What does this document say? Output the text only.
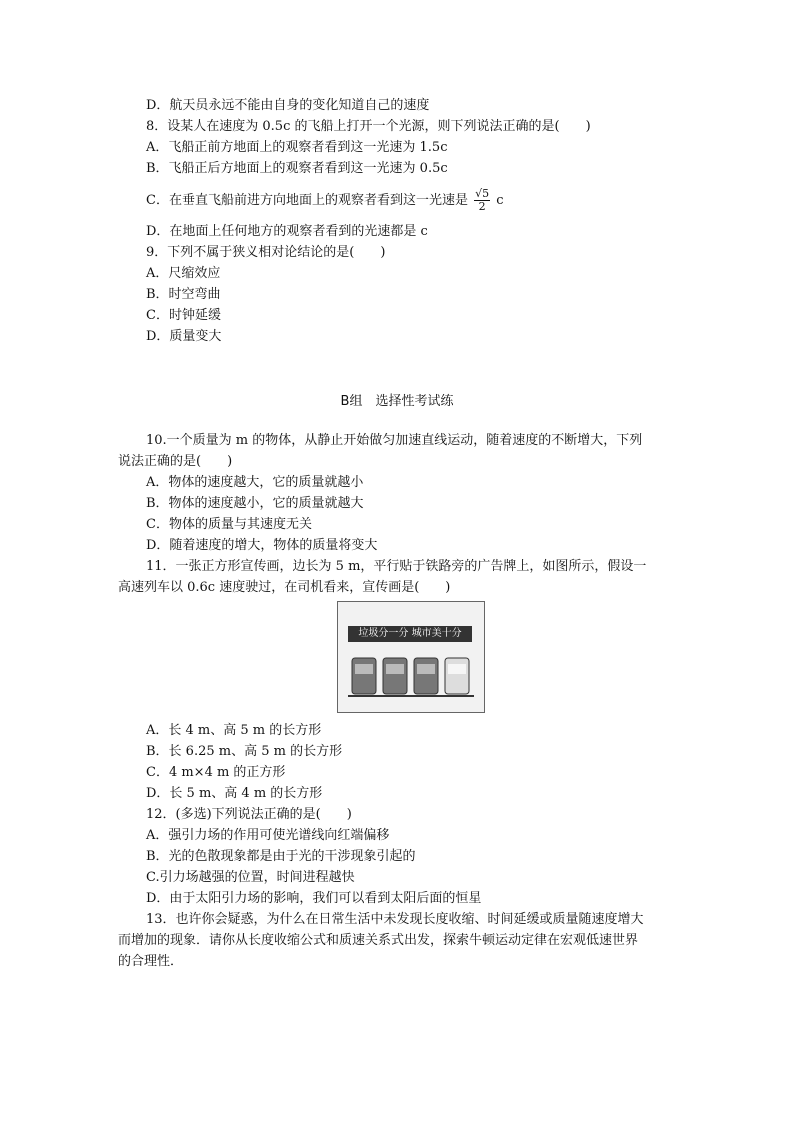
D．航天员永远不能由自身的变化知道自己的速度
8．设某人在速度为 0.5c 的飞船上打开一个光源，则下列说法正确的是(　　)
A．飞船正前方地面上的观察者看到这一光速为 1.5c
B．飞船正后方地面上的观察者看到这一光速为 0.5c
C．在垂直飞船前进方向地面上的观察者看到这一光速是 $\frac{√5}{2}$ c
D．在地面上任何地方的观察者看到的光速都是 c
9．下列不属于狭义相对论结论的是(　　)
A．尺缩效应
B．时空弯曲
C．时钟延缓
D．质量变大
B组　选择性考试练
10.一个质量为 m 的物体，从静止开始做匀加速直线运动，随着速度的不断增大，下列
说法正确的是(　　)
A．物体的速度越大，它的质量就越小
B．物体的速度越小，它的质量就越大
C．物体的质量与其速度无关
D．随着速度的增大，物体的质量将变大
11．一张正方形宣传画，边长为 5 m，平行贴于铁路旁的广告牌上，如图所示，假设一
高速列车以 0.6c 速度驶过，在司机看来，宣传画是(　　)
垃圾分一分 城市美十分
A．长 4 m、高 5 m 的长方形
B．长 6.25 m、高 5 m 的长方形
C．4 m×4 m 的正方形
D．长 5 m、高 4 m 的长方形
12．(多选)下列说法正确的是(　　)
A．强引力场的作用可使光谱线向红端偏移
B．光的色散现象都是由于光的干涉现象引起的
C.引力场越强的位置，时间进程越快
D．由于太阳引力场的影响，我们可以看到太阳后面的恒星
13．也许你会疑惑，为什么在日常生活中未发现长度收缩、时间延缓或质量随速度增大
而增加的现象．请你从长度收缩公式和质速关系式出发，探索牛顿运动定律在宏观低速世界
的合理性．
